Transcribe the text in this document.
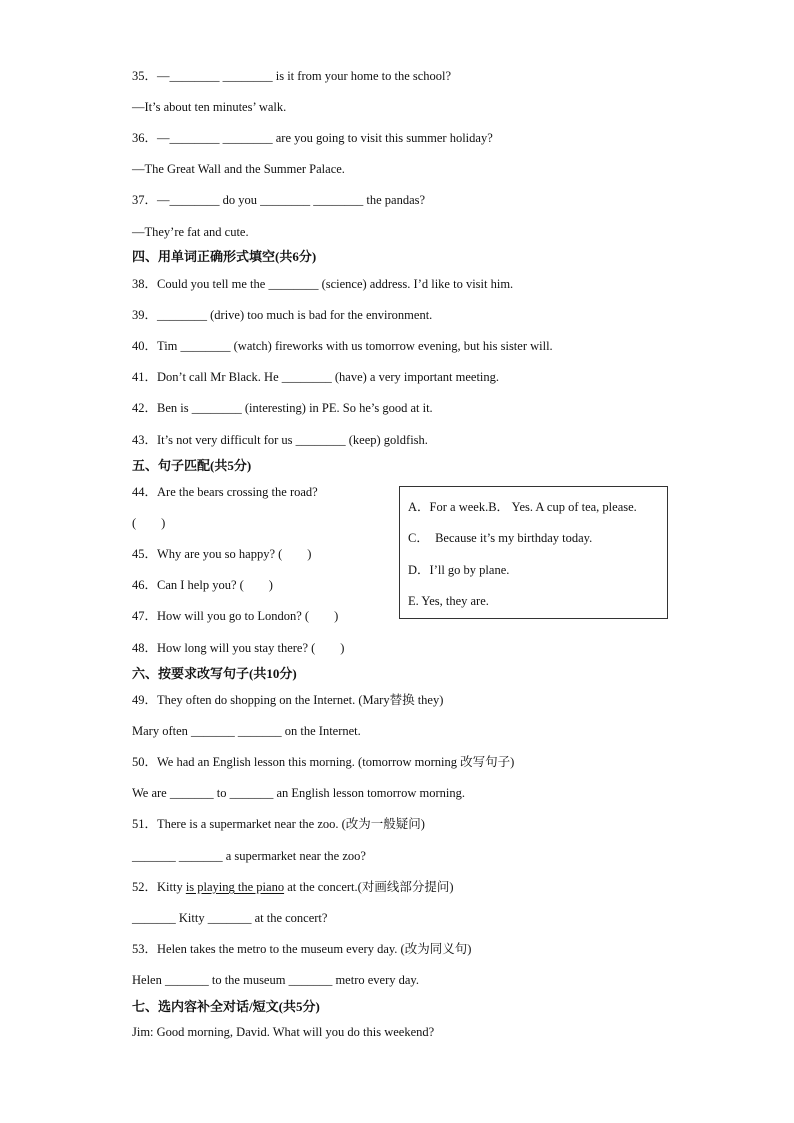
35．—________ ________ is it from your home to the school?
—It’s about ten minutes’ walk.
36．—________ ________ are you going to visit this summer holiday?
—The Great Wall and the Summer Palace.
37．—________ do you ________ ________ the pandas?
—They’re fat and cute.
四、用单词正确形式填空(共6分)
38．Could you tell me the ________ (science) address. I’d like to visit him.
39．________ (drive) too much is bad for the environment.
40．Tim ________ (watch) fireworks with us tomorrow evening, but his sister will.
41．Don’t call Mr Black. He ________ (have) a very important meeting.
42．Ben is ________ (interesting) in PE. So he’s good at it.
43．It’s not very difficult for us ________ (keep) goldfish.
五、句子匹配(共5分)
44．Are the bears crossing the road?
(　　)
45．Why are you so happy? (　　)
46．Can I help you? (　　)
47．How will you go to London? (　　)
48．How long will you stay there? (　　)
A．For a week.B． Yes. A cup of tea, please.
C．　Because it’s my birthday today.
D．I’ll go by plane.
E. Yes, they are.
六、按要求改写句子(共10分)
49．They often do shopping on the Internet. (Mary替换 they)
Mary often _______ _______ on the Internet.
50．We had an English lesson this morning. (tomorrow morning 改写句子)
We are _______ to _______ an English lesson tomorrow morning.
51．There is a supermarket near the zoo. (改为一般疑问)
_______ _______ a supermarket near the zoo?
52．Kitty is playing the piano at the concert.(对画线部分提问)
_______ Kitty _______ at the concert?
53．Helen takes the metro to the museum every day. (改为同义句)
Helen _______ to the museum _______ metro every day.
七、选内容补全对话/短文(共5分)
Jim: Good morning, David. What will you do this weekend?
